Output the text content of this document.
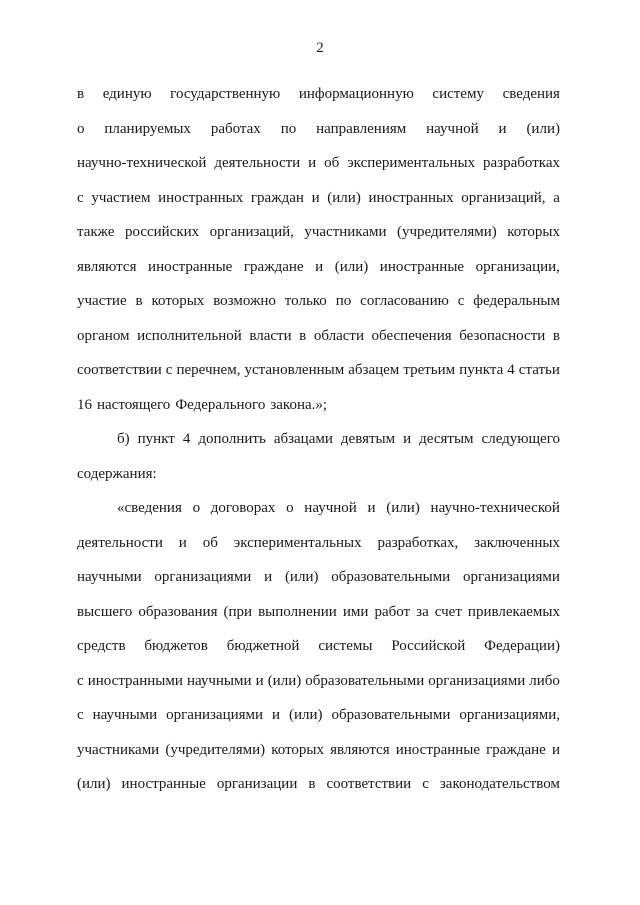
2
в единую государственную информационную систему сведения
о планируемых работах по направлениям научной и (или)
научно-технической деятельности и об экспериментальных разработках
с участием иностранных граждан и (или) иностранных организаций, а
также российских организаций, участниками (учредителями) которых
являются иностранные граждане и (или) иностранные организации,
участие в которых возможно только по согласованию с федеральным
органом исполнительной власти в области обеспечения безопасности в
соответствии с перечнем, установленным абзацем третьим пункта 4 статьи
16 настоящего Федерального закона.»;
б) пункт 4 дополнить абзацами девятым и десятым следующего
содержания:
«сведения о договорах о научной и (или) научно-технической
деятельности и об экспериментальных разработках, заключенных
научными организациями и (или) образовательными организациями
высшего образования (при выполнении ими работ за счет привлекаемых
средств бюджетов бюджетной системы Российской Федерации)
с иностранными научными и (или) образовательными организациями либо
с научными организациями и (или) образовательными организациями,
участниками (учредителями) которых являются иностранные граждане и
(или) иностранные организации в соответствии с законодательством
